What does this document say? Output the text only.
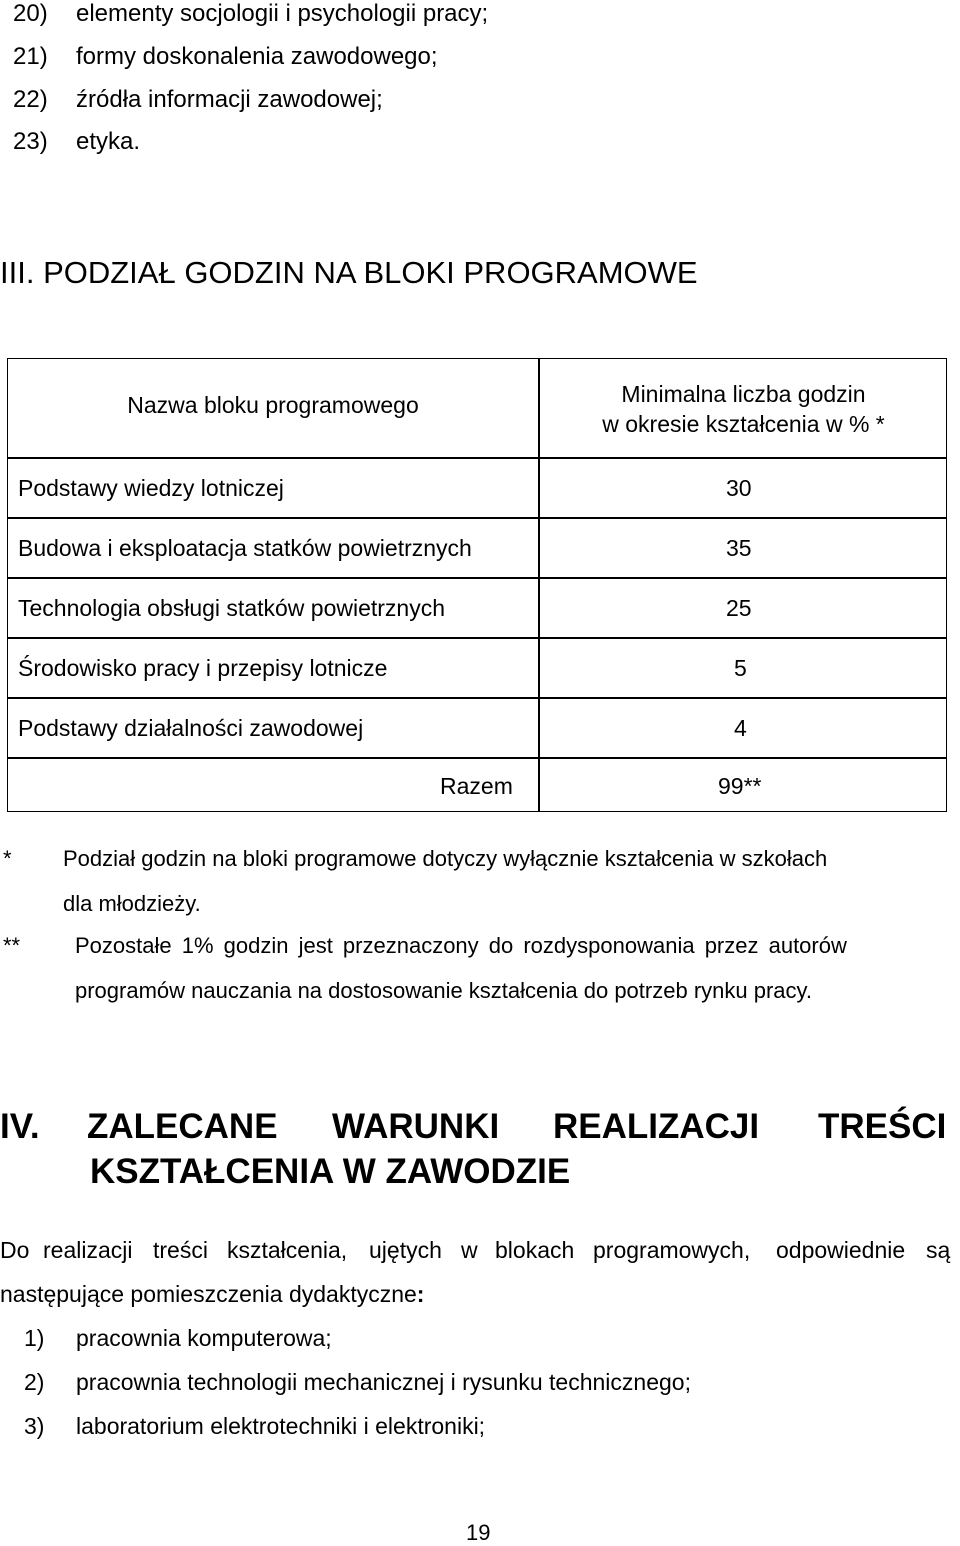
20) elementy socjologii i psychologii pracy;
21) formy doskonalenia zawodowego;
22) źródła informacji zawodowej;
23) etyka.
III. PODZIAŁ GODZIN NA BLOKI PROGRAMOWE
Nazwa bloku programowego	Minimalna liczba godzin
w okresie kształcenia w % *
Podstawy wiedzy lotniczej	30
Budowa i eksploatacja statków powietrznych	35
Technologia obsługi statków powietrznych	25
Środowisko pracy i przepisy lotnicze	5
Podstawy działalności zawodowej	4
Razem	99**
* Podział godzin na bloki programowe dotyczy wyłącznie kształcenia w szkołach
dla młodzieży.
** Pozostałe 1% godzin jest przeznaczony do rozdysponowania przez autorów
programów nauczania na dostosowanie kształcenia do potrzeb rynku pracy.
IV. ZALECANE WARUNKI REALIZACJI TREŚCI
KSZTAŁCENIA W ZAWODZIE
Do realizacji treści kształcenia, ujętych w blokach programowych, odpowiednie są
następujące pomieszczenia dydaktyczne:
1) pracownia komputerowa;
2) pracownia technologii mechanicznej i rysunku technicznego;
3) laboratorium elektrotechniki i elektroniki;
19
